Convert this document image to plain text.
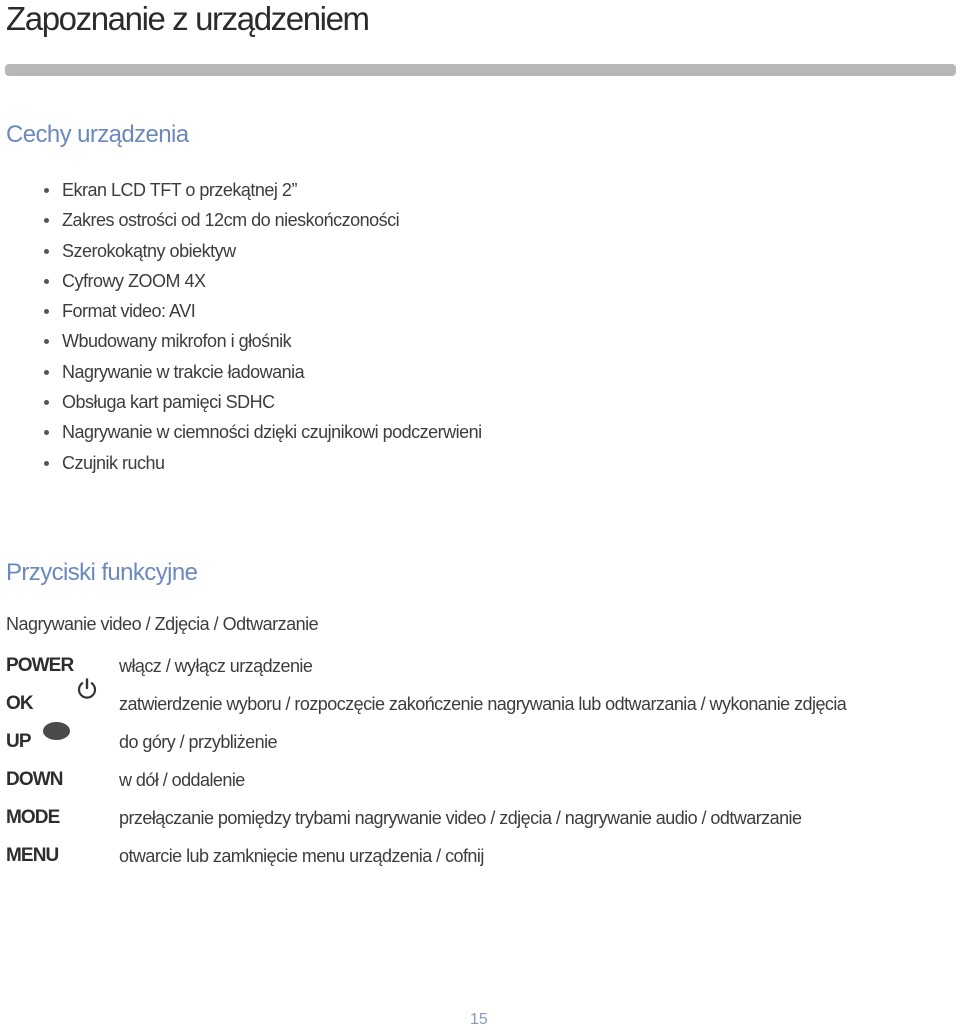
Zapoznanie z urządzeniem
Cechy urządzenia
Ekran LCD TFT o przekątnej 2”
Zakres ostrości od 12cm do nieskończoności
Szerokokątny obiektyw
Cyfrowy ZOOM 4X
Format video: AVI
Wbudowany mikrofon i głośnik
Nagrywanie w trakcie ładowania
Obsługa kart pamięci SDHC
Nagrywanie w ciemności dzięki czujnikowi podczerwieni
Czujnik ruchu
Przyciski funkcyjne
Nagrywanie video / Zdjęcia / Odtwarzanie
POWER	włącz / wyłącz urządzenie
OK	zatwierdzenie wyboru / rozpoczęcie zakończenie nagrywania lub odtwarzania / wykonanie zdjęcia
UP	do góry / przybliżenie
DOWN	w dół / oddalenie
MODE	przełączanie pomiędzy trybami nagrywanie video / zdjęcia / nagrywanie audio / odtwarzanie
MENU	otwarcie lub zamknięcie menu urządzenia / cofnij
15
